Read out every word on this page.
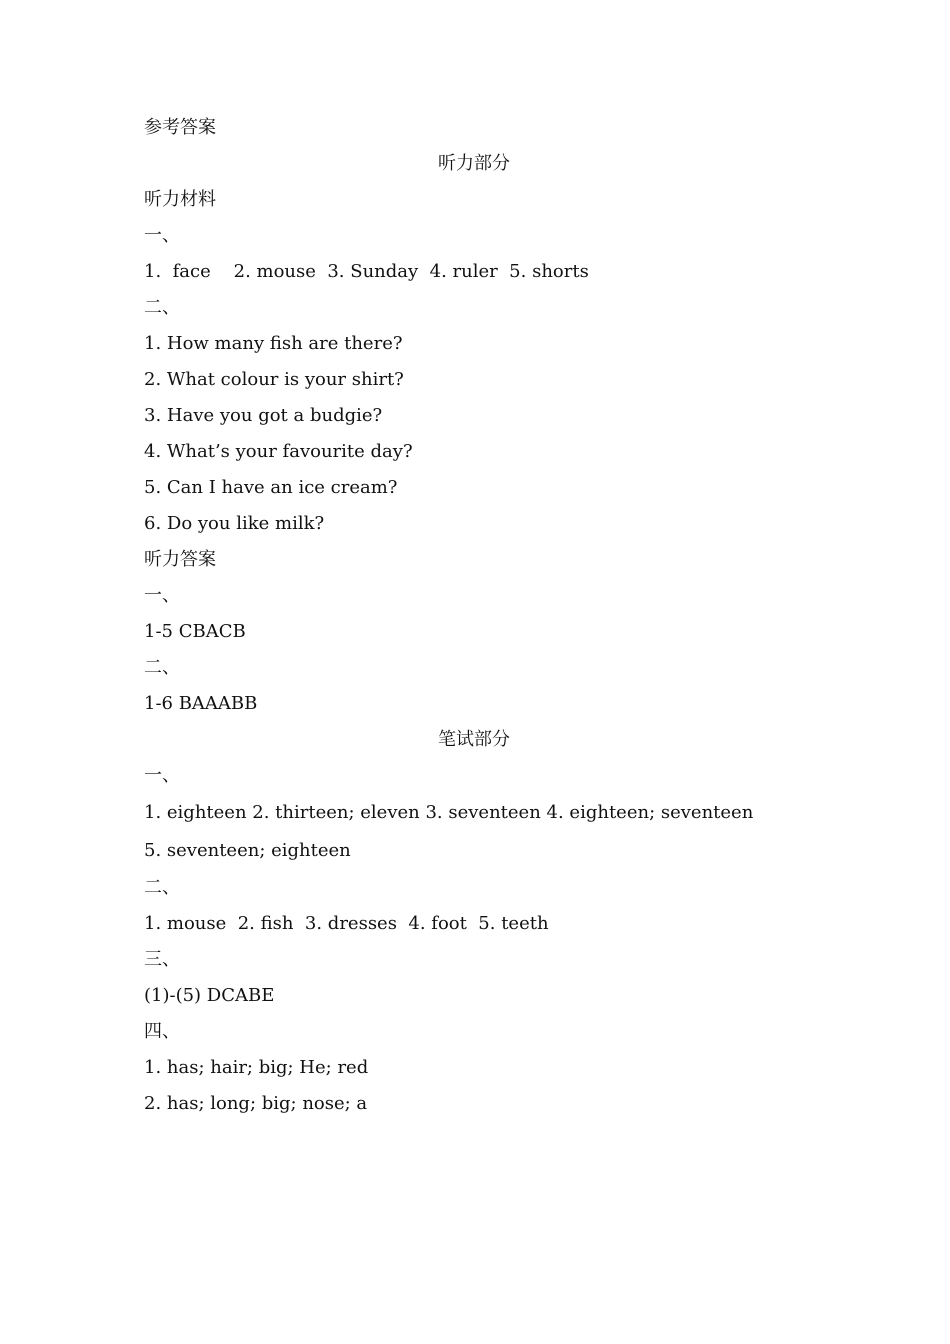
参考答案
听力部分
听力材料
一、
1.  face    2. mouse  3. Sunday  4. ruler  5. shorts
二、
1. How many fish are there?
2. What colour is your shirt?
3. Have you got a budgie?
4. What’s your favourite day?
5. Can I have an ice cream?
6. Do you like milk?
听力答案
一、
1-5 CBACB
二、
1-6 BAAABB
笔试部分
一、
1. eighteen 2. thirteen; eleven 3. seventeen 4. eighteen; seventeen 5. seventeen; eighteen
二、
1. mouse  2. fish  3. dresses  4. foot  5. teeth
三、
(1)-(5) DCABE
四、
1. has; hair; big; He; red
2. has; long; big; nose; a
